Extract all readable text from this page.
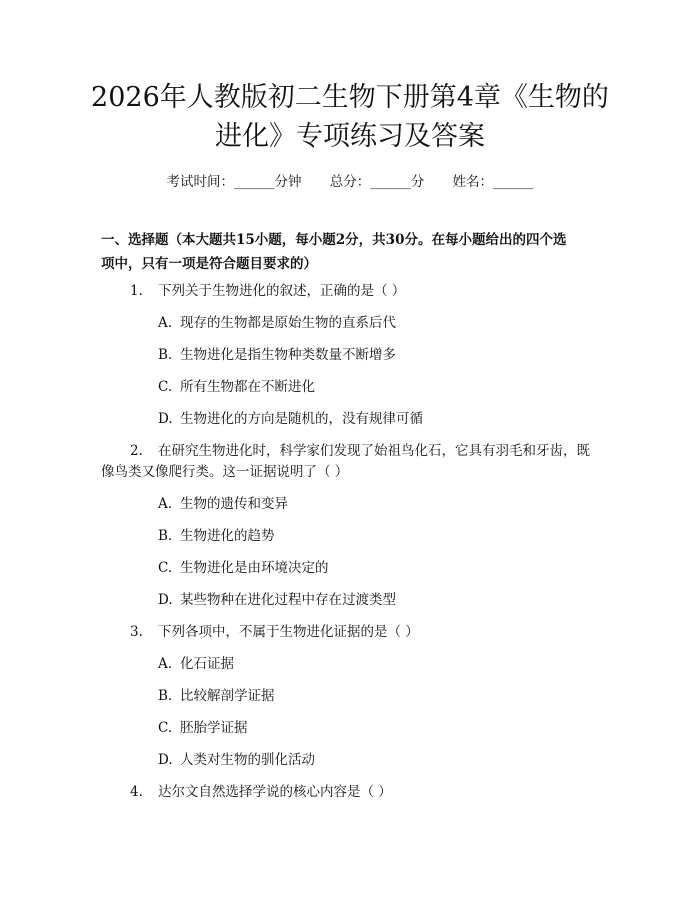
2026年人教版初二生物下册第4章《生物的
进化》专项练习及答案
考试时间：______分钟 总分：______分 姓名：______
一、选择题（本大题共15小题，每小题2分，共30分。在每小题给出的四个选
项中，只有一项是符合题目要求的）
1. 下列关于生物进化的叙述，正确的是（ ）
A. 现存的生物都是原始生物的直系后代
B. 生物进化是指生物种类数量不断增多
C. 所有生物都在不断进化
D. 生物进化的方向是随机的，没有规律可循
2. 在研究生物进化时，科学家们发现了始祖鸟化石，它具有羽毛和牙齿，既
像鸟类又像爬行类。这一证据说明了（ ）
A. 生物的遗传和变异
B. 生物进化的趋势
C. 生物进化是由环境决定的
D. 某些物种在进化过程中存在过渡类型
3. 下列各项中，不属于生物进化证据的是（ ）
A. 化石证据
B. 比较解剖学证据
C. 胚胎学证据
D. 人类对生物的驯化活动
4. 达尔文自然选择学说的核心内容是（ ）
